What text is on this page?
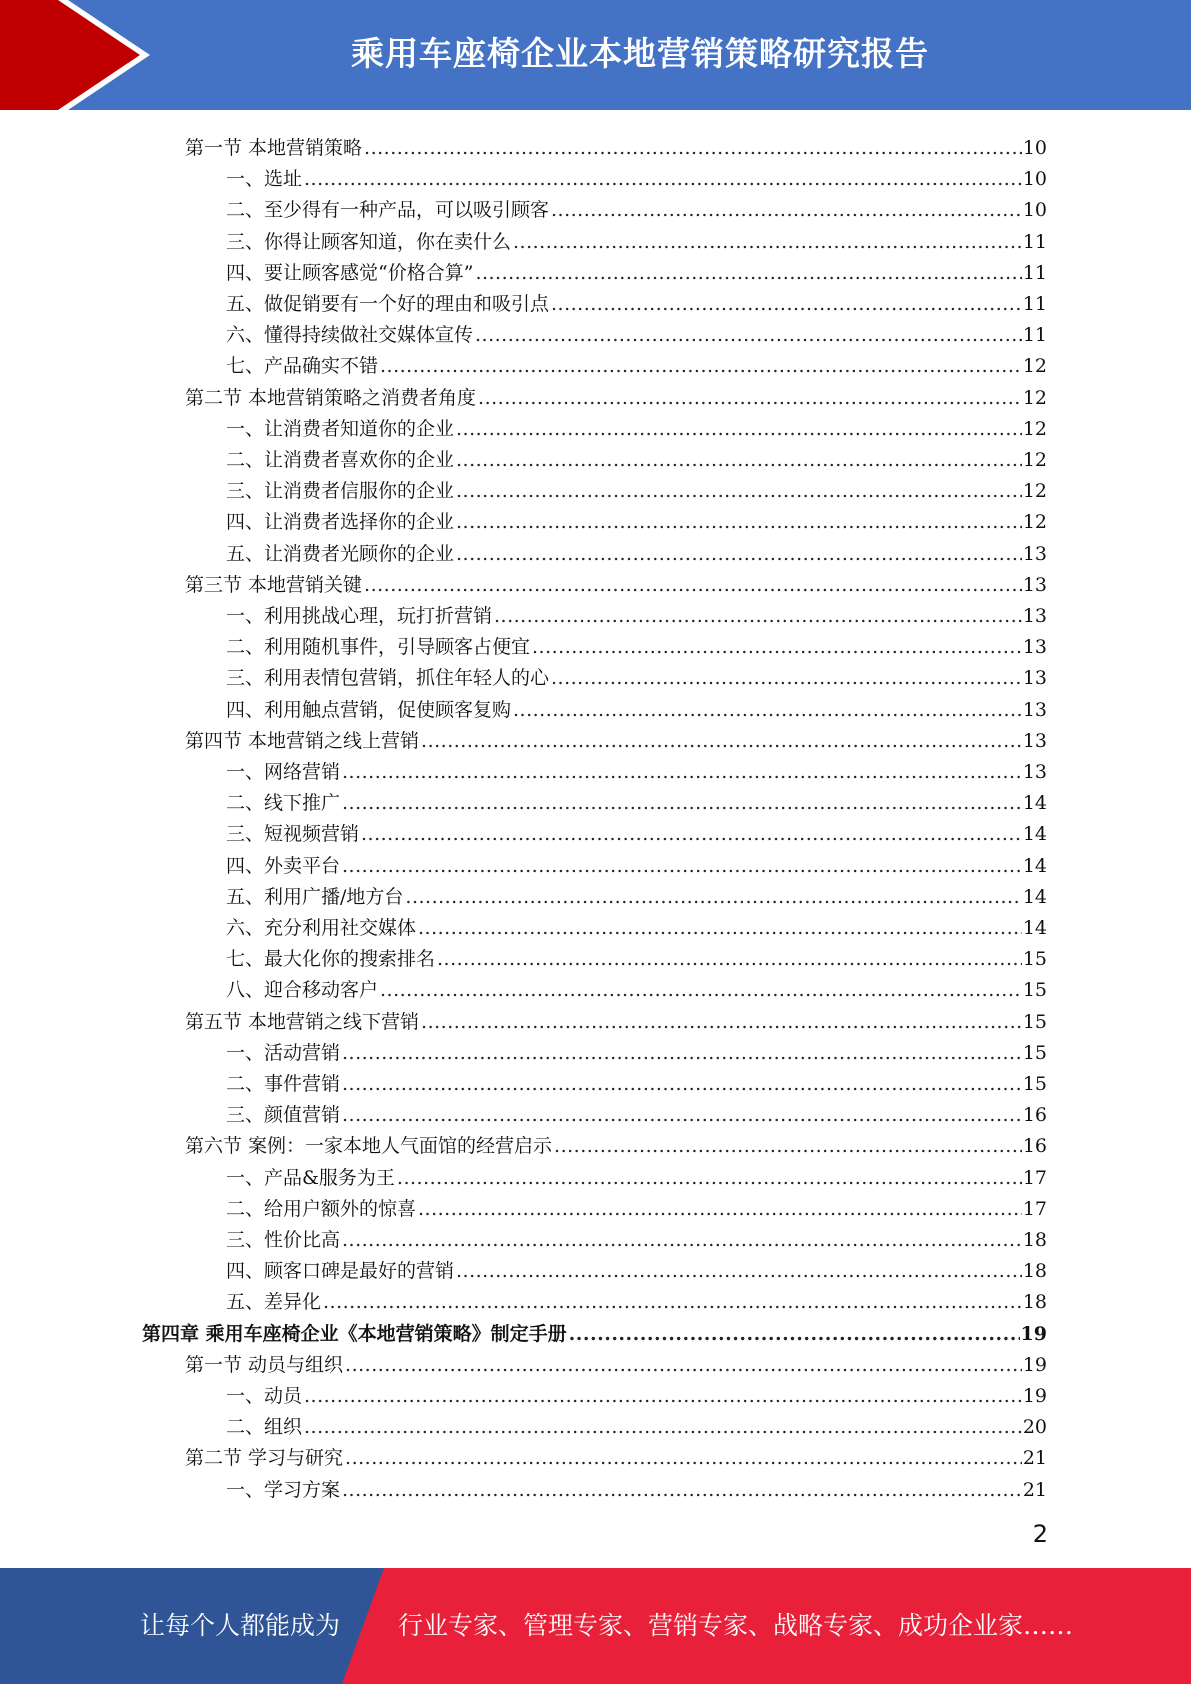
乘用车座椅企业本地营销策略研究报告
第一节 本地营销策略 .....	10
一、选址 .....	10
二、至少得有一种产品，可以吸引顾客 .....	10
三、你得让顾客知道，你在卖什么 .....	11
四、要让顾客感觉“价格合算” .....	11
五、做促销要有一个好的理由和吸引点 .....	11
六、懂得持续做社交媒体宣传 .....	11
七、产品确实不错 .....	12
第二节 本地营销策略之消费者角度 .....	12
一、让消费者知道你的企业 .....	12
二、让消费者喜欢你的企业 .....	12
三、让消费者信服你的企业 .....	12
四、让消费者选择你的企业 .....	12
五、让消费者光顾你的企业 .....	13
第三节 本地营销关键 .....	13
一、利用挑战心理，玩打折营销 .....	13
二、利用随机事件，引导顾客占便宜 .....	13
三、利用表情包营销，抓住年轻人的心 .....	13
四、利用触点营销，促使顾客复购 .....	13
第四节 本地营销之线上营销 .....	13
一、网络营销 .....	13
二、线下推广 .....	14
三、短视频营销 .....	14
四、外卖平台 .....	14
五、利用广播/地方台 .....	14
六、充分利用社交媒体 .....	14
七、最大化你的搜索排名 .....	15
八、迎合移动客户 .....	15
第五节 本地营销之线下营销 .....	15
一、活动营销 .....	15
二、事件营销 .....	15
三、颜值营销 .....	16
第六节 案例：一家本地人气面馆的经营启示 .....	16
一、产品&服务为王 .....	17
二、给用户额外的惊喜 .....	17
三、性价比高 .....	18
四、顾客口碑是最好的营销 .....	18
五、差异化 .....	18
第四章 乘用车座椅企业《本地营销策略》制定手册 .....	19
第一节 动员与组织 .....	19
一、动员 .....	19
二、组织 .....	20
第二节 学习与研究 .....	21
一、学习方案 .....	21
2
让每个人都能成为 行业专家、管理专家、营销专家、战略专家、成功企业家……
